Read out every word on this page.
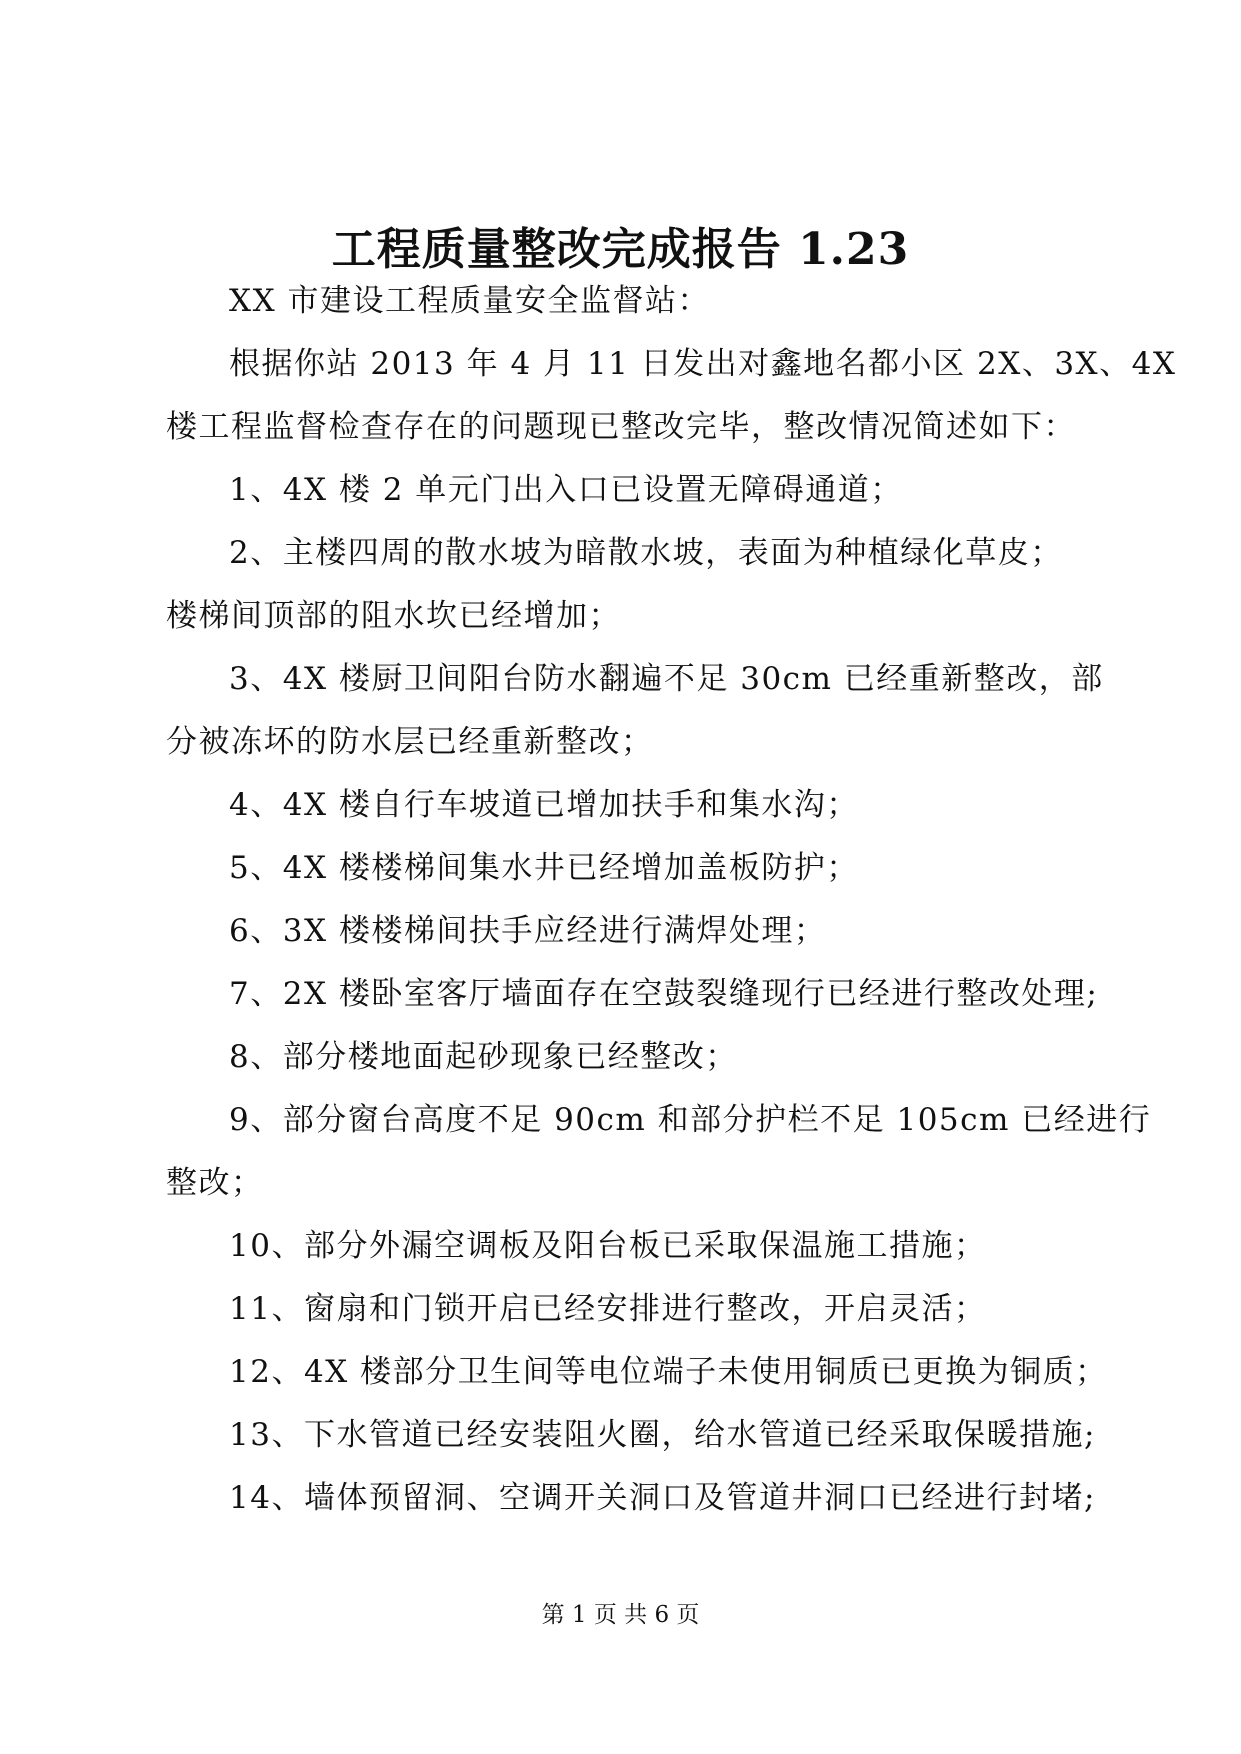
工程质量整改完成报告 1.23
XX 市建设工程质量安全监督站：
根据你站 2013 年 4 月 11 日发出对鑫地名都小区 2X、3X、4X
楼工程监督检查存在的问题现已整改完毕，整改情况简述如下：
1、4X 楼 2 单元门出入口已设置无障碍通道；
2、主楼四周的散水坡为暗散水坡，表面为种植绿化草皮；
楼梯间顶部的阻水坎已经增加；
3、4X 楼厨卫间阳台防水翻遍不足 30cm 已经重新整改，部
分被冻坏的防水层已经重新整改；
4、4X 楼自行车坡道已增加扶手和集水沟；
5、4X 楼楼梯间集水井已经增加盖板防护；
6、3X 楼楼梯间扶手应经进行满焊处理；
7、2X 楼卧室客厅墙面存在空鼓裂缝现行已经进行整改处理;
8、部分楼地面起砂现象已经整改；
9、部分窗台高度不足 90cm 和部分护栏不足 105cm 已经进行
整改；
10、部分外漏空调板及阳台板已采取保温施工措施；
11、窗扇和门锁开启已经安排进行整改，开启灵活；
12、4X 楼部分卫生间等电位端子未使用铜质已更换为铜质；
13、下水管道已经安装阻火圈，给水管道已经采取保暖措施;
14、墙体预留洞、空调开关洞口及管道井洞口已经进行封堵;
第 1 页 共 6 页
